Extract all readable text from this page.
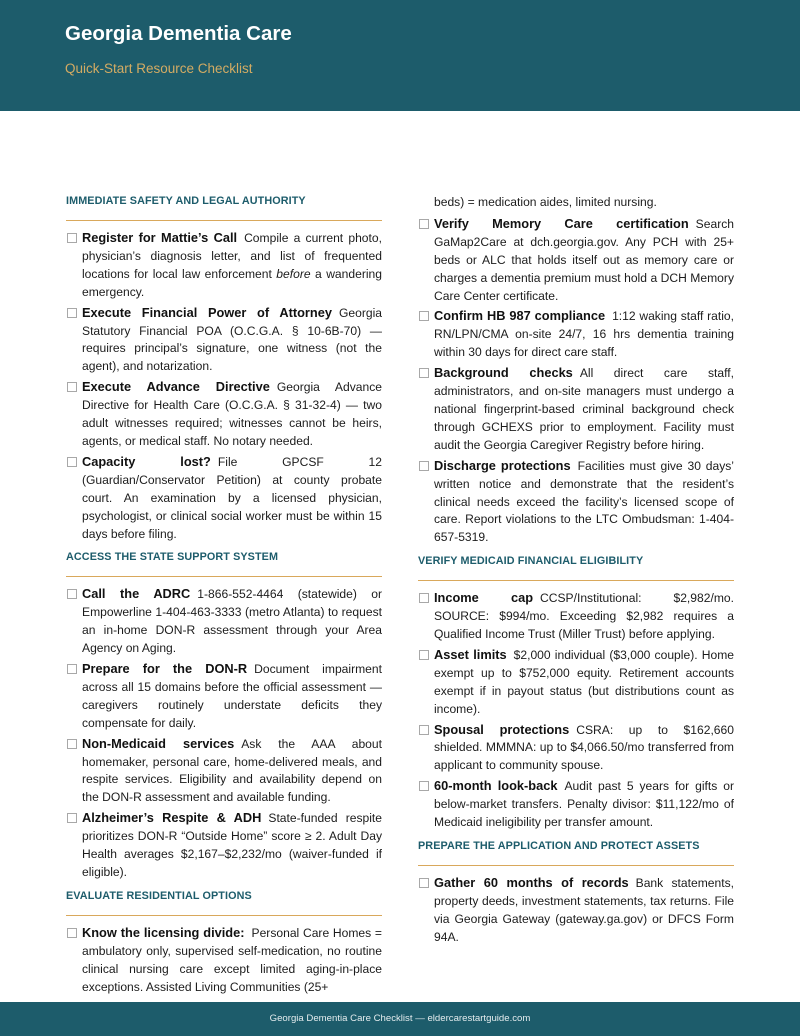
Georgia Dementia Care
Quick-Start Resource Checklist
IMMEDIATE SAFETY AND LEGAL AUTHORITY
Register for Mattie’s Call Compile a current photo, physician’s diagnosis letter, and list of frequented locations for local law enforcement before a wandering emergency.
Execute Financial Power of Attorney Georgia Statutory Financial POA (O.C.G.A. § 10-6B-70) — requires principal’s signature, one witness (not the agent), and notarization.
Execute Advance Directive Georgia Advance Directive for Health Care (O.C.G.A. § 31-32-4) — two adult witnesses required; witnesses cannot be heirs, agents, or medical staff. No notary needed.
Capacity lost? File GPCSF 12 (Guardian/Conservator Petition) at county probate court. An examination by a licensed physician, psychologist, or clinical social worker must be within 15 days before filing.
ACCESS THE STATE SUPPORT SYSTEM
Call the ADRC 1-866-552-4464 (statewide) or Empowerline 1-404-463-3333 (metro Atlanta) to request an in-home DON-R assessment through your Area Agency on Aging.
Prepare for the DON-R Document impairment across all 15 domains before the official assessment — caregivers routinely understate deficits they compensate for daily.
Non-Medicaid services Ask the AAA about homemaker, personal care, home-delivered meals, and respite services. Eligibility and availability depend on the DON-R assessment and available funding.
Alzheimer’s Respite & ADH State-funded respite prioritizes DON-R “Outside Home” score ≥ 2. Adult Day Health averages $2,167–$2,232/mo (waiver-funded if eligible).
EVALUATE RESIDENTIAL OPTIONS
Know the licensing divide: Personal Care Homes = ambulatory only, supervised self-medication, no routine clinical nursing care except limited aging-in-place exceptions. Assisted Living Communities (25+
beds) = medication aides, limited nursing.
Verify Memory Care certification Search GaMap2Care at dch.georgia.gov. Any PCH with 25+ beds or ALC that holds itself out as memory care or charges a dementia premium must hold a DCH Memory Care Center certificate.
Confirm HB 987 compliance 1:12 waking staff ratio, RN/LPN/CMA on-site 24/7, 16 hrs dementia training within 30 days for direct care staff.
Background checks All direct care staff, administrators, and on-site managers must undergo a national fingerprint-based criminal background check through GCHEXS prior to employment. Facility must audit the Georgia Caregiver Registry before hiring.
Discharge protections Facilities must give 30 days’ written notice and demonstrate that the resident’s clinical needs exceed the facility’s licensed scope of care. Report violations to the LTC Ombudsman: 1-404-657-5319.
VERIFY MEDICAID FINANCIAL ELIGIBILITY
Income cap CCSP/Institutional: $2,982/mo. SOURCE: $994/mo. Exceeding $2,982 requires a Qualified Income Trust (Miller Trust) before applying.
Asset limits $2,000 individual ($3,000 couple). Home exempt up to $752,000 equity. Retirement accounts exempt if in payout status (but distributions count as income).
Spousal protections CSRA: up to $162,660 shielded. MMMNA: up to $4,066.50/mo transferred from applicant to community spouse.
60-month look-back Audit past 5 years for gifts or below-market transfers. Penalty divisor: $11,122/mo of Medicaid ineligibility per transfer amount.
PREPARE THE APPLICATION AND PROTECT ASSETS
Gather 60 months of records Bank statements, property deeds, investment statements, tax returns. File via Georgia Gateway (gateway.ga.gov) or DFCS Form 94A.
Georgia Dementia Care Checklist — eldercarestartguide.com
